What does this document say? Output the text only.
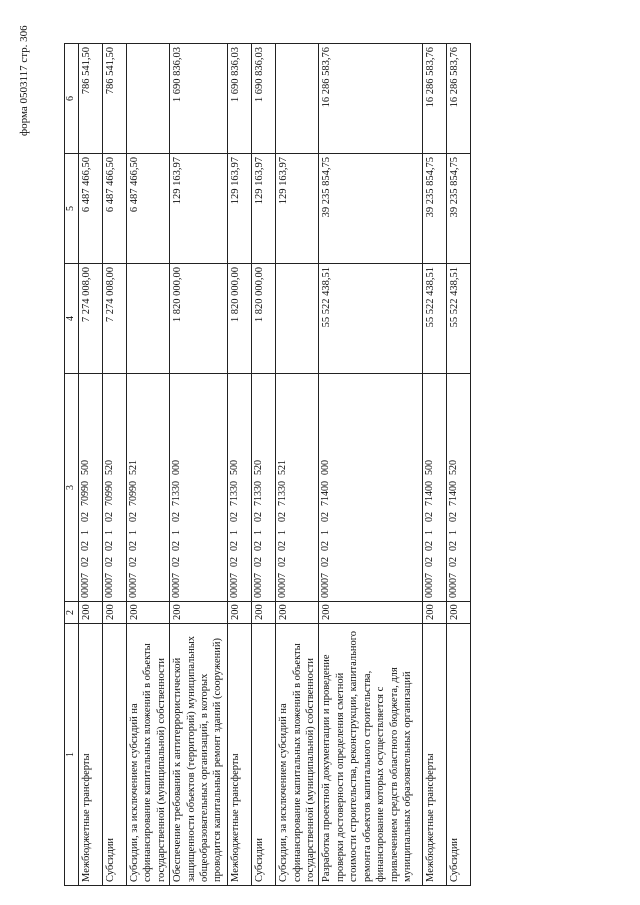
форма 0503117 стр. 306
1	2	3	4	5	6
Межбюджетные трансферты	200	00007020210270990500	7 274 008,00	6 487 466,50	786 541,50
Субсидии	200	00007020210270990520	7 274 008,00	6 487 466,50	786 541,50
Субсидии, за исключением субсидий на софинансирование капитальных вложений в объекты государственной (муниципальной) собственности	200	00007020210270990521		6 487 466,50	
Обеспечение требований к антитеррористической защищенности объектов (территорий) муниципальных общеобразовательных организаций, в которых проводится капитальный ремонт зданий (сооружений)	200	00007020210271330000	1 820 000,00	129 163,97	1 690 836,03
Межбюджетные трансферты	200	00007020210271330500	1 820 000,00	129 163,97	1 690 836,03
Субсидии	200	00007020210271330520	1 820 000,00	129 163,97	1 690 836,03
Субсидии, за исключением субсидий на софинансирование капитальных вложений в объекты государственной (муниципальной) собственности	200	00007020210271330521		129 163,97	
Разработка проектной документации и проведение проверки достоверности определения сметной стоимости строительства, реконструкции, капитального ремонта объектов капитального строительства, финансирование которых осуществляется с привлечением средств областного бюджета, для муниципальных образовательных организаций	200	00007020210271400000	55 522 438,51	39 235 854,75	16 286 583,76
Межбюджетные трансферты	200	00007020210271400500	55 522 438,51	39 235 854,75	16 286 583,76
Субсидии	200	00007020210271400520	55 522 438,51	39 235 854,75	16 286 583,76
